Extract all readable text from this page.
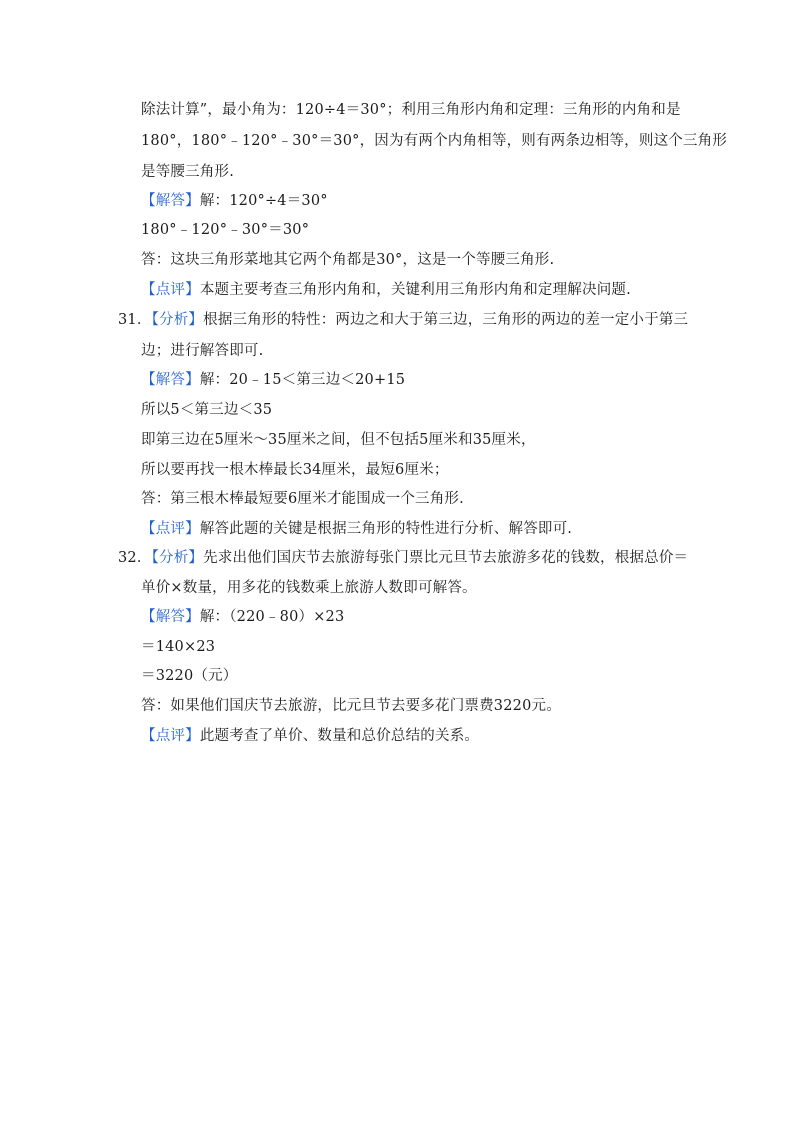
除法计算”，最小角为：120÷4＝30°；利用三角形内角和定理：三角形的内角和是
180°，180°﹣120°﹣30°＝30°，因为有两个内角相等，则有两条边相等，则这个三角形
是等腰三角形.
【解答】解：120°÷4＝30°
180°﹣120°﹣30°＝30°
答：这块三角形菜地其它两个角都是30°，这是一个等腰三角形.
【点评】本题主要考查三角形内角和，关键利用三角形内角和定理解决问题.
31．【分析】根据三角形的特性：两边之和大于第三边，三角形的两边的差一定小于第三
边；进行解答即可.
【解答】解：20﹣15＜第三边＜20+15
所以5＜第三边＜35
即第三边在5厘米～35厘米之间，但不包括5厘米和35厘米，
所以要再找一根木棒最长34厘米，最短6厘米；
答：第三根木棒最短要6厘米才能围成一个三角形.
【点评】解答此题的关键是根据三角形的特性进行分析、解答即可.
32．【分析】先求出他们国庆节去旅游每张门票比元旦节去旅游多花的钱数，根据总价＝
单价×数量，用多花的钱数乘上旅游人数即可解答。
【解答】解：（220﹣80）×23
＝140×23
＝3220（元）
答：如果他们国庆节去旅游，比元旦节去要多花门票费3220元。
【点评】此题考查了单价、数量和总价总结的关系。
